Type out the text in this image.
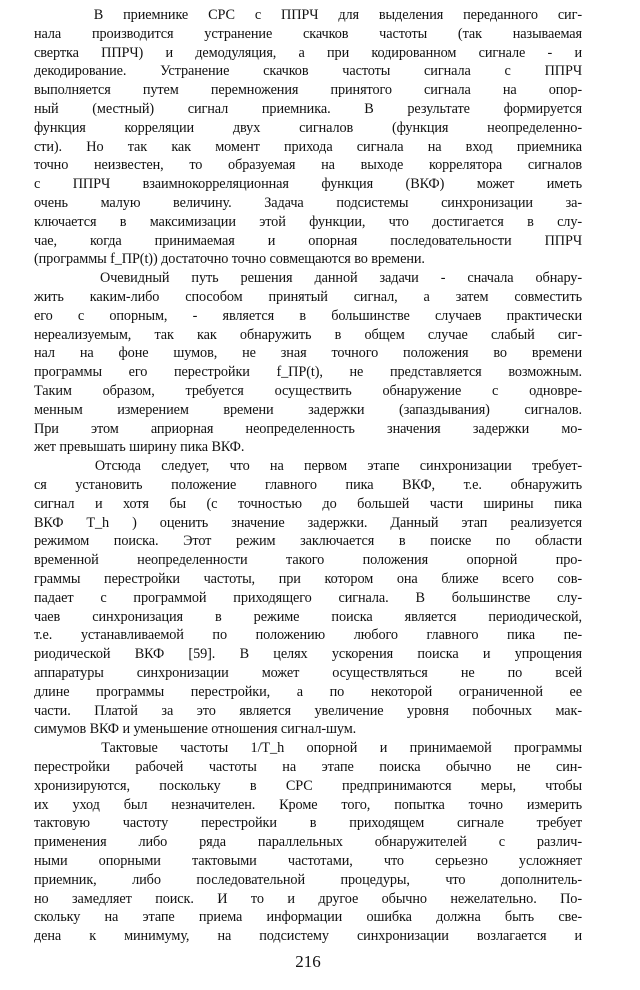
В приемнике СРС с ППРЧ для выделения переданного сиг-
нала производится устранение скачков частоты (так называемая
свертка ППРЧ) и демодуляция, а при кодированном сигнале - и
декодирование. Устранение скачков частоты сигнала с ППРЧ
выполняется путем перемножения принятого сигнала на опор-
ный (местный) сигнал приемника. В результате формируется
функция корреляции двух сигналов (функция неопределенно-
сти). Но так как момент прихода сигнала на вход приемника
точно неизвестен, то образуемая на выходе коррелятора сигналов
с ППРЧ взаимнокорреляционная функция (ВКФ) может иметь
очень малую величину. Задача подсистемы синхронизации за-
ключается в максимизации этой функции, что достигается в слу-
чае, когда принимаемая и опорная последовательности ППРЧ
(программы f_ПР(t)) достаточно точно совмещаются во времени.
Очевидный путь решения данной задачи - сначала обнару-
жить каким-либо способом принятый сигнал, а затем совместить
его с опорным, - является в большинстве случаев практически
нереализуемым, так как обнаружить в общем случае слабый сиг-
нал на фоне шумов, не зная точного положения во времени
программы его перестройки f_ПР(t), не представляется возможным.
Таким образом, требуется осуществить обнаружение с одновре-
менным измерением времени задержки (запаздывания) сигналов.
При этом априорная неопределенность значения задержки мо-
жет превышать ширину пика ВКФ.
Отсюда следует, что на первом этапе синхронизации требует-
ся установить положение главного пика ВКФ, т.е. обнаружить
сигнал и хотя бы (с точностью до большей части ширины пика
ВКФ T_h ) оценить значение задержки. Данный этап реализуется
режимом поиска. Этот режим заключается в поиске по области
временной неопределенности такого положения опорной про-
граммы перестройки частоты, при котором она ближе всего сов-
падает с программой приходящего сигнала. В большинстве слу-
чаев синхронизация в режиме поиска является периодической,
т.е. устанавливаемой по положению любого главного пика пе-
риодической ВКФ [59]. В целях ускорения поиска и упрощения
аппаратуры синхронизации может осуществляться не по всей
длине программы перестройки, а по некоторой ограниченной ее
части. Платой за это является увеличение уровня побочных мак-
симумов ВКФ и уменьшение отношения сигнал-шум.
Тактовые частоты 1/T_h опорной и принимаемой программы
перестройки рабочей частоты на этапе поиска обычно не син-
хронизируются, поскольку в СРС предпринимаются меры, чтобы
их уход был незначителен. Кроме того, попытка точно измерить
тактовую частоту перестройки в приходящем сигнале требует
применения либо ряда параллельных обнаружителей с различ-
ными опорными тактовыми частотами, что серьезно усложняет
приемник, либо последовательной процедуры, что дополнитель-
но замедляет поиск. И то и другое обычно нежелательно. По-
скольку на этапе приема информации ошибка должна быть све-
дена к минимуму, на подсистему синхронизации возлагается и
216
